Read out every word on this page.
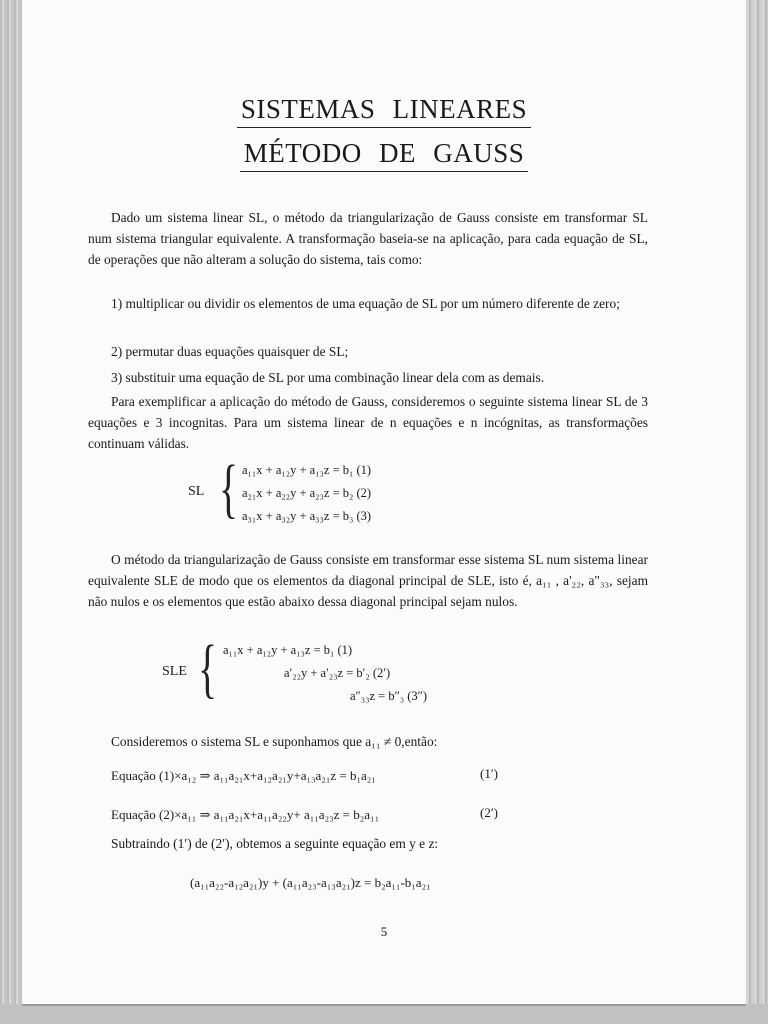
SISTEMAS LINEARES
MÉTODO DE GAUSS
Dado um sistema linear SL, o método da triangularização de Gauss consiste em transformar SL num sistema triangular equivalente. A transformação baseia-se na aplicação, para cada equação de SL, de operações que não alteram a solução do sistema, tais como:
1) multiplicar ou dividir os elementos de uma equação de SL por um número diferente de zero;
2) permutar duas equações quaisquer de SL;
3) substituir uma equação de SL por uma combinação linear dela com as demais.
Para exemplificar a aplicação do método de Gauss, consideremos o seguinte sistema linear SL de 3 equações e 3 incognitas. Para um sistema linear de n equações e n incógnitas, as transformações continuam válidas.
SL { a₁₁x + a₁₂y + a₁₃z = b₁ (1)
a₂₁x + a₂₂y + a₂₃z = b₂ (2)
a₃₁x + a₃₂y + a₃₃z = b₃ (3)
O método da triangularização de Gauss consiste em transformar esse sistema SL num sistema linear equivalente SLE de modo que os elementos da diagonal principal de SLE, isto é, a₁₁ , a'₂₂, a"₃₃, sejam não nulos e os elementos que estão abaixo dessa diagonal principal sejam nulos.
SLE { a₁₁x + a₁₂y + a₁₃z = b₁ (1)
a′₂₂y + a′₂₃z = b′₂ (2′)
a″₃₃z = b″₃ (3″)
Consideremos o sistema SL e suponhamos que a₁₁ ≠ 0,então:
Equação (1)×a₁₂ ⇒ a₁₁a₂₁x+a₁₂a₂₁y+a₁₃a₂₁z = b₁a₂₁	(1′)
Equação (2)×a₁₁ ⇒ a₁₁a₂₁x+a₁₁a₂₂y+ a₁₁a₂₃z = b₂a₁₁	(2′)
Subtraindo (1′) de (2′), obtemos a seguinte equação em y e z:
(a₁₁a₂₂-a₁₂a₂₁)y + (a₁₁a₂₃-a₁₃a₂₁)z = b₂a₁₁-b₁a₂₁
5
